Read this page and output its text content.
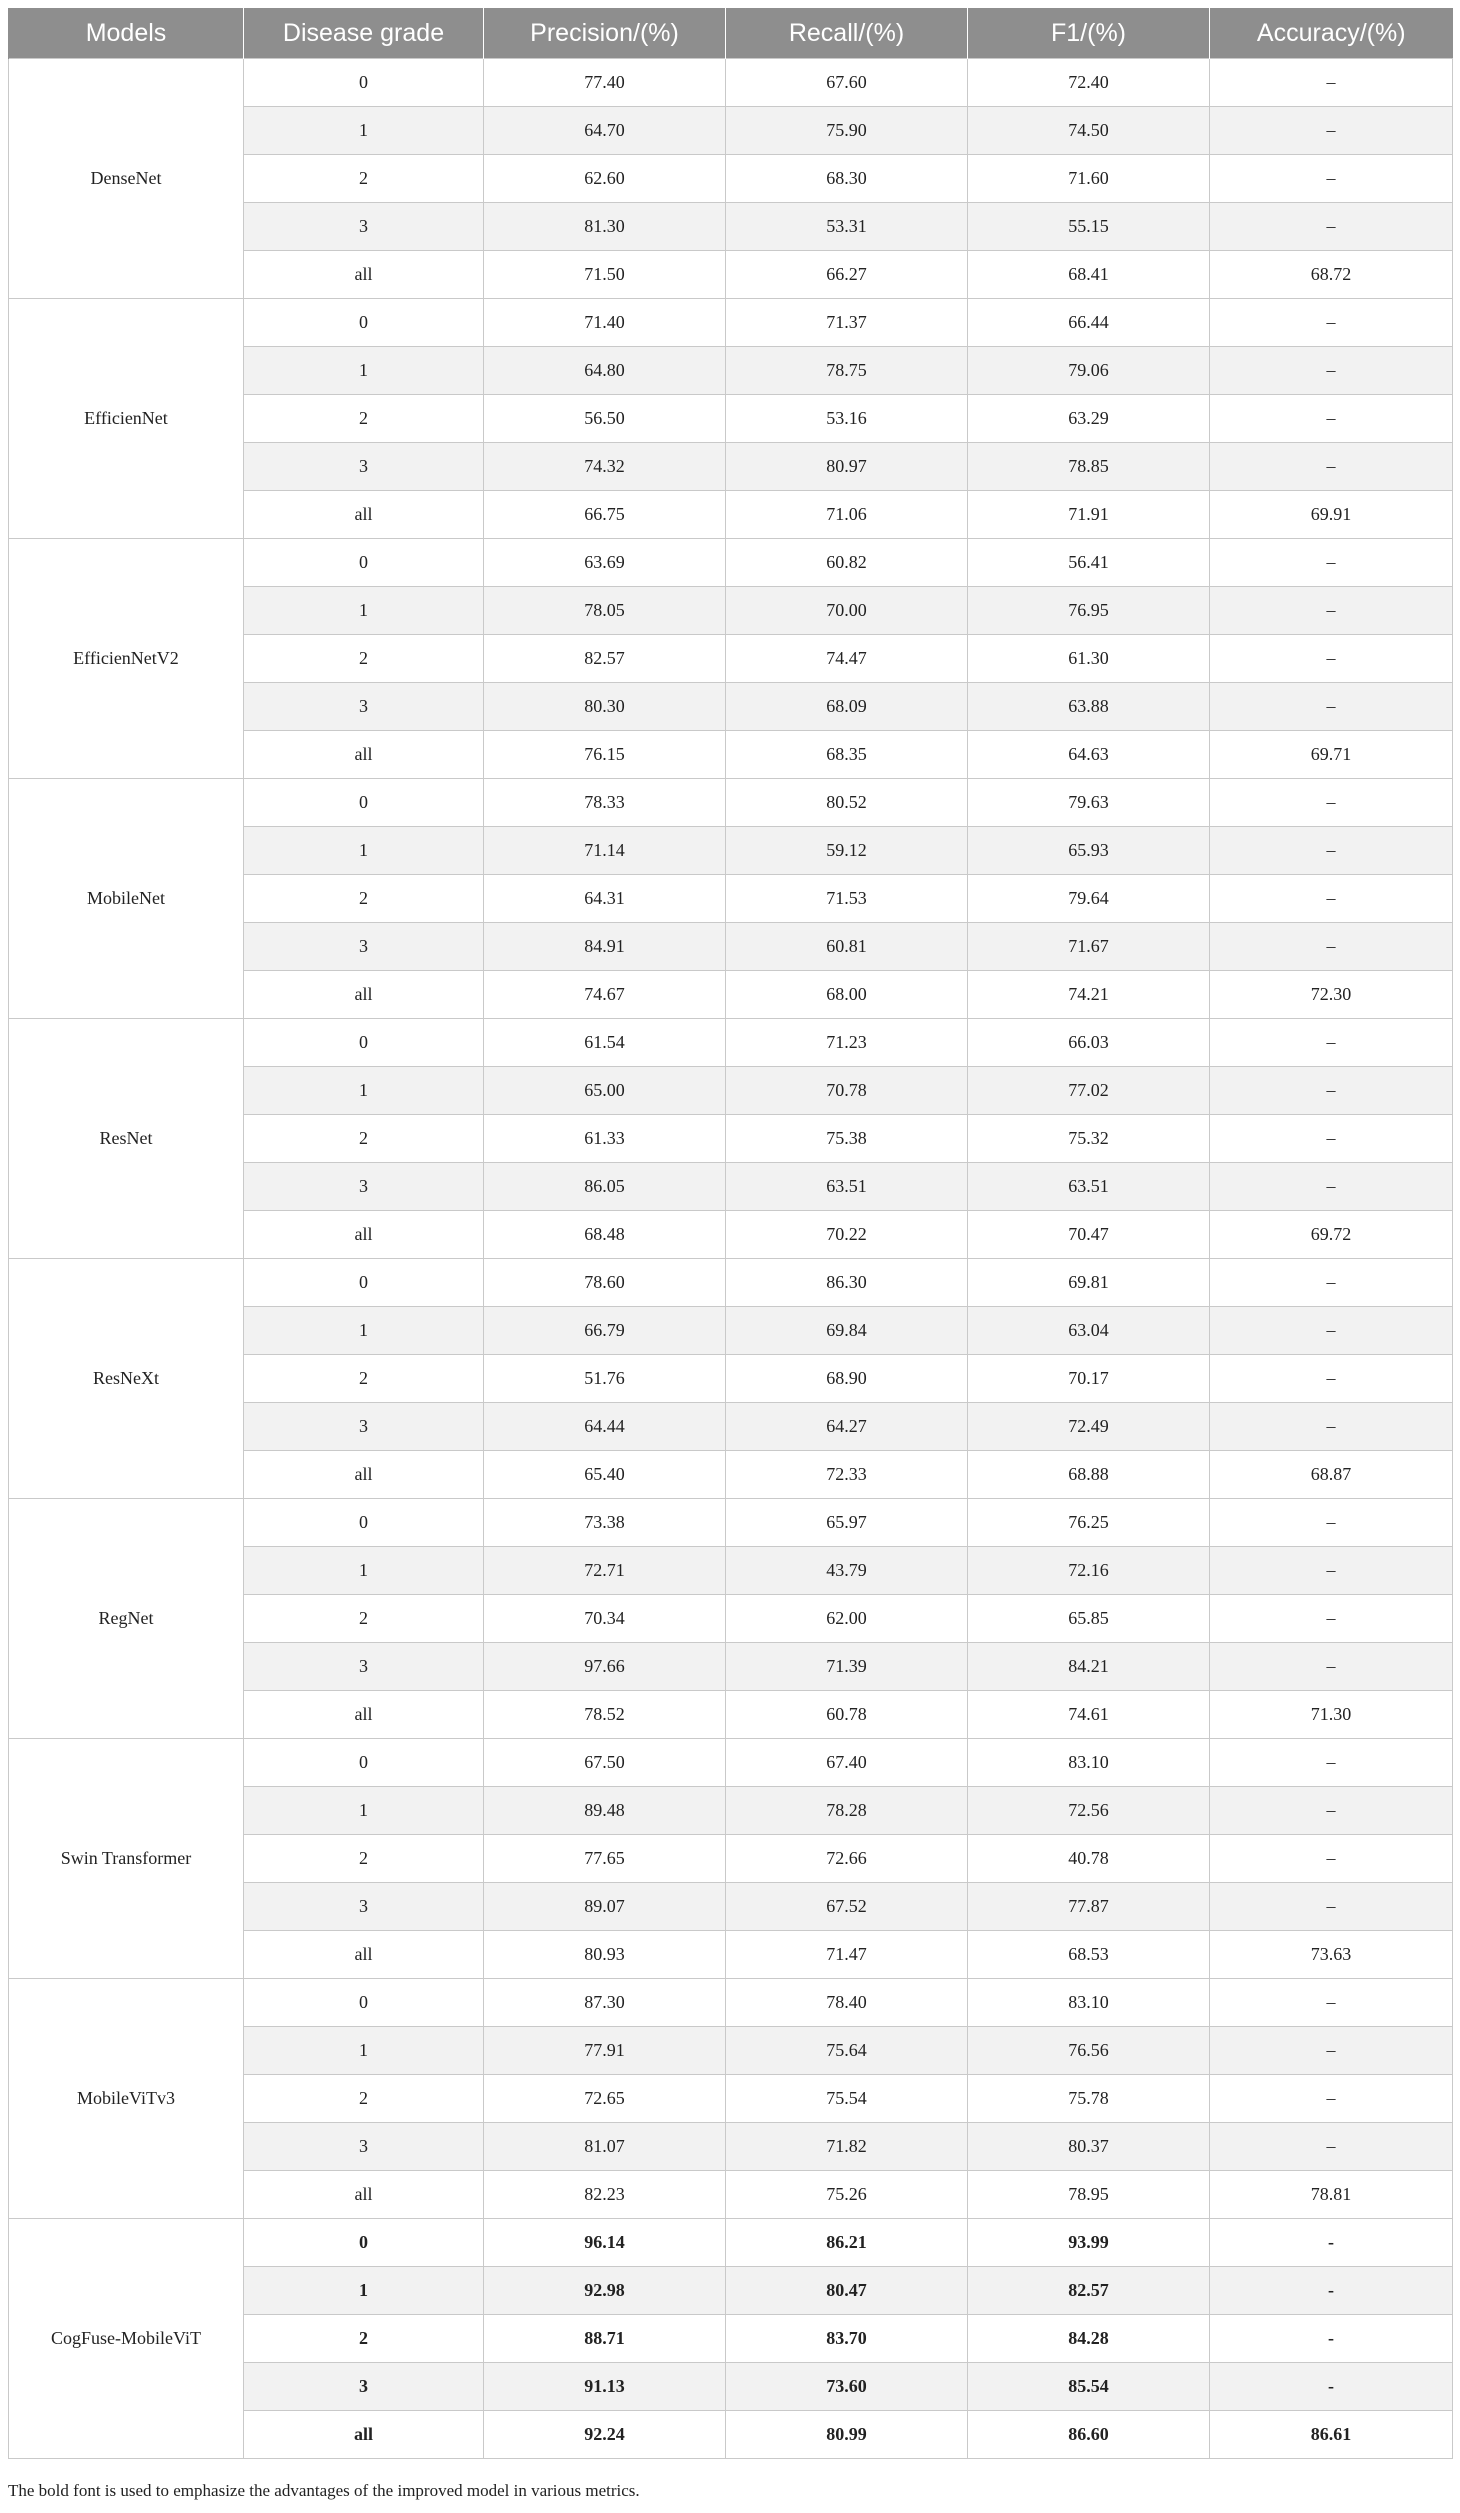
Models	Disease grade	Precision/(%)	Recall/(%)	F1/(%)	Accuracy/(%)
DenseNet	0	77.40	67.60	72.40	–
	1	64.70	75.90	74.50	–
	2	62.60	68.30	71.60	–
	3	81.30	53.31	55.15	–
	all	71.50	66.27	68.41	68.72
EfficienNet	0	71.40	71.37	66.44	–
	1	64.80	78.75	79.06	–
	2	56.50	53.16	63.29	–
	3	74.32	80.97	78.85	–
	all	66.75	71.06	71.91	69.91
EfficienNetV2	0	63.69	60.82	56.41	–
	1	78.05	70.00	76.95	–
	2	82.57	74.47	61.30	–
	3	80.30	68.09	63.88	–
	all	76.15	68.35	64.63	69.71
MobileNet	0	78.33	80.52	79.63	–
	1	71.14	59.12	65.93	–
	2	64.31	71.53	79.64	–
	3	84.91	60.81	71.67	–
	all	74.67	68.00	74.21	72.30
ResNet	0	61.54	71.23	66.03	–
	1	65.00	70.78	77.02	–
	2	61.33	75.38	75.32	–
	3	86.05	63.51	63.51	–
	all	68.48	70.22	70.47	69.72
ResNeXt	0	78.60	86.30	69.81	–
	1	66.79	69.84	63.04	–
	2	51.76	68.90	70.17	–
	3	64.44	64.27	72.49	–
	all	65.40	72.33	68.88	68.87
RegNet	0	73.38	65.97	76.25	–
	1	72.71	43.79	72.16	–
	2	70.34	62.00	65.85	–
	3	97.66	71.39	84.21	–
	all	78.52	60.78	74.61	71.30
Swin Transformer	0	67.50	67.40	83.10	–
	1	89.48	78.28	72.56	–
	2	77.65	72.66	40.78	–
	3	89.07	67.52	77.87	–
	all	80.93	71.47	68.53	73.63
MobileViTv3	0	87.30	78.40	83.10	–
	1	77.91	75.64	76.56	–
	2	72.65	75.54	75.78	–
	3	81.07	71.82	80.37	–
	all	82.23	75.26	78.95	78.81
CogFuse-MobileViT	0	96.14	86.21	93.99	-
	1	92.98	80.47	82.57	-
	2	88.71	83.70	84.28	-
	3	91.13	73.60	85.54	-
	all	92.24	80.99	86.60	86.61

The bold font is used to emphasize the advantages of the improved model in various metrics.
